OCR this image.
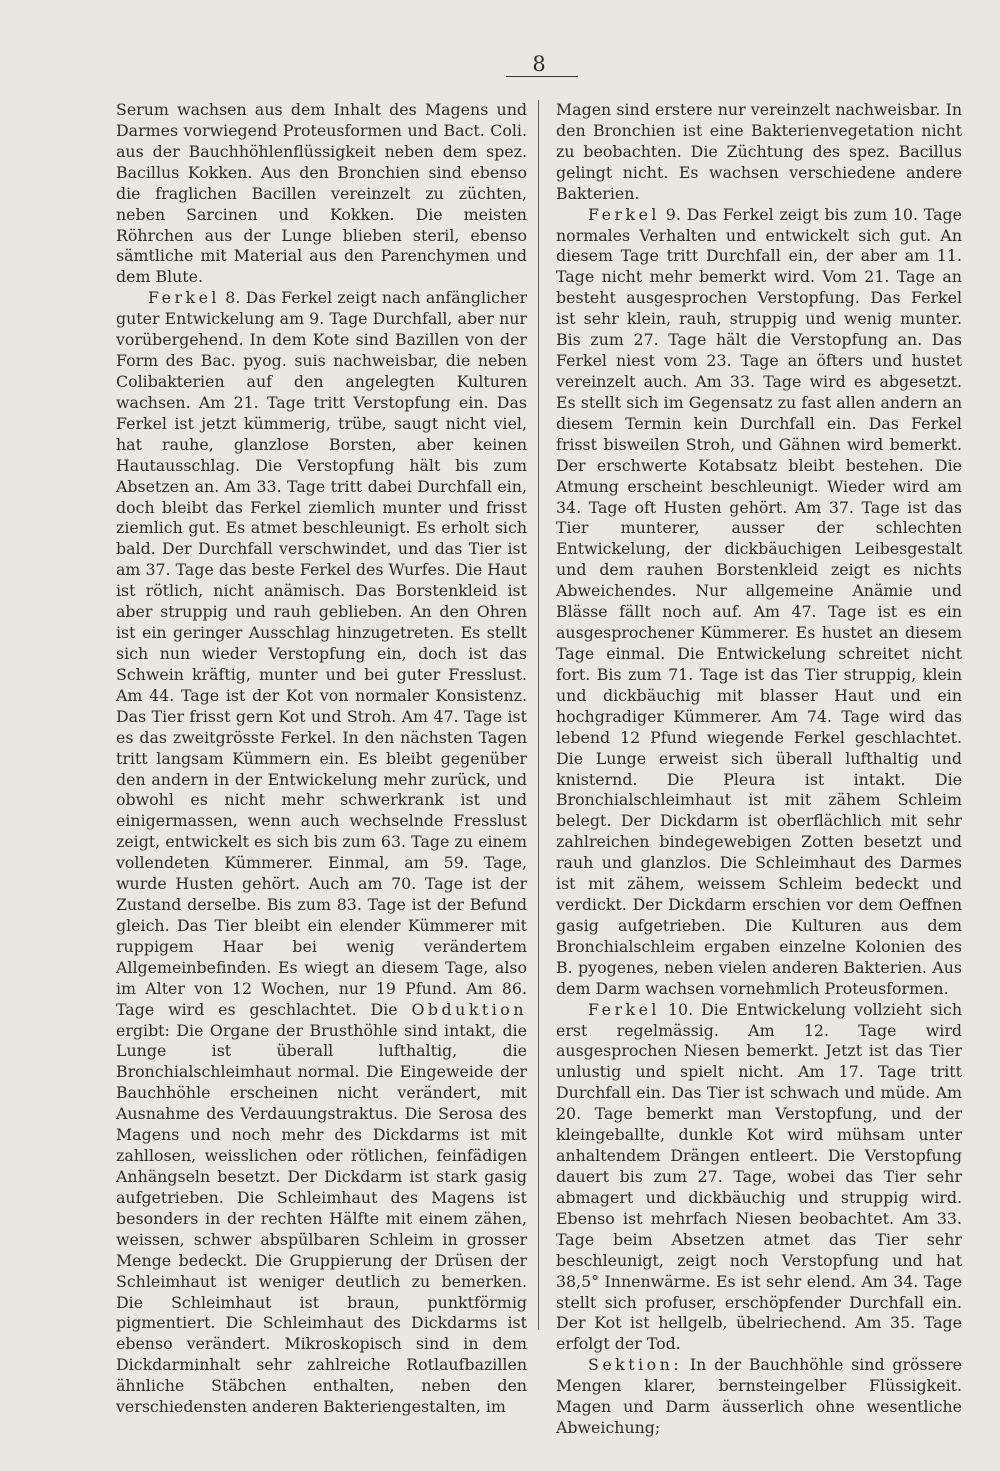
8

Serum wachsen aus dem Inhalt des Magens und Darmes vorwiegend Proteusformen und Bact. Coli. aus der Bauchhöhlenflüssigkeit neben dem spez. Bacillus Kokken. Aus den Bronchien sind ebenso die fraglichen Bacillen vereinzelt zu züchten, neben Sarcinen und Kokken. Die meisten Röhrchen aus der Lunge blieben steril, ebenso sämtliche mit Material aus den Parenchymen und dem Blute.

Ferkel 8. Das Ferkel zeigt nach anfänglicher guter Entwickelung am 9. Tage Durchfall, aber nur vorübergehend. In dem Kote sind Bazillen von der Form des Bac. pyog. suis nachweisbar, die neben Colibakterien auf den angelegten Kulturen wachsen. Am 21. Tage tritt Verstopfung ein. Das Ferkel ist jetzt kümmerig, trübe, saugt nicht viel, hat rauhe, glanzlose Borsten, aber keinen Hautausschlag. Die Verstopfung hält bis zum Absetzen an. Am 33. Tage tritt dabei Durchfall ein, doch bleibt das Ferkel ziemlich munter und frisst ziemlich gut. Es atmet beschleunigt. Es erholt sich bald. Der Durchfall verschwindet, und das Tier ist am 37. Tage das beste Ferkel des Wurfes. Die Haut ist rötlich, nicht anämisch. Das Borstenkleid ist aber struppig und rauh geblieben. An den Ohren ist ein geringer Ausschlag hinzugetreten. Es stellt sich nun wieder Verstopfung ein, doch ist das Schwein kräftig, munter und bei guter Fresslust. Am 44. Tage ist der Kot von normaler Konsistenz. Das Tier frisst gern Kot und Stroh. Am 47. Tage ist es das zweitgrösste Ferkel. In den nächsten Tagen tritt langsam Kümmern ein. Es bleibt gegenüber den andern in der Entwickelung mehr zurück, und obwohl es nicht mehr schwerkrank ist und einigermassen, wenn auch wechselnde Fresslust zeigt, entwickelt es sich bis zum 63. Tage zu einem vollendeten Kümmerer. Einmal, am 59. Tage, wurde Husten gehört. Auch am 70. Tage ist der Zustand derselbe. Bis zum 83. Tage ist der Befund gleich. Das Tier bleibt ein elender Kümmerer mit ruppigem Haar bei wenig verändertem Allgemeinbefinden. Es wiegt an diesem Tage, also im Alter von 12 Wochen, nur 19 Pfund. Am 86. Tage wird es geschlachtet. Die Obduktion ergibt: Die Organe der Brusthöhle sind intakt, die Lunge ist überall lufthaltig, die Bronchialschleimhaut normal. Die Eingeweide der Bauchhöhle erscheinen nicht verändert, mit Ausnahme des Verdauungstraktus. Die Serosa des Magens und noch mehr des Dickdarms ist mit zahllosen, weisslichen oder rötlichen, feinfädigen Anhängseln besetzt. Der Dickdarm ist stark gasig aufgetrieben. Die Schleimhaut des Magens ist besonders in der rechten Hälfte mit einem zähen, weissen, schwer abspülbaren Schleim in grosser Menge bedeckt. Die Gruppierung der Drüsen der Schleimhaut ist weniger deutlich zu bemerken. Die Schleimhaut ist braun, punktförmig pigmentiert. Die Schleimhaut des Dickdarms ist ebenso verändert. Mikroskopisch sind in dem Dickdarminhalt sehr zahlreiche Rotlaufbazillen ähnliche Stäbchen enthalten, neben den verschiedensten anderen Bakteriengestalten, im

Magen sind erstere nur vereinzelt nachweisbar. In den Bronchien ist eine Bakterienvegetation nicht zu beobachten. Die Züchtung des spez. Bacillus gelingt nicht. Es wachsen verschiedene andere Bakterien.

Ferkel 9. Das Ferkel zeigt bis zum 10. Tage normales Verhalten und entwickelt sich gut. An diesem Tage tritt Durchfall ein, der aber am 11. Tage nicht mehr bemerkt wird. Vom 21. Tage an besteht ausgesprochen Verstopfung. Das Ferkel ist sehr klein, rauh, struppig und wenig munter. Bis zum 27. Tage hält die Verstopfung an. Das Ferkel niest vom 23. Tage an öfters und hustet vereinzelt auch. Am 33. Tage wird es abgesetzt. Es stellt sich im Gegensatz zu fast allen andern an diesem Termin kein Durchfall ein. Das Ferkel frisst bisweilen Stroh, und Gähnen wird bemerkt. Der erschwerte Kotabsatz bleibt bestehen. Die Atmung erscheint beschleunigt. Wieder wird am 34. Tage oft Husten gehört. Am 37. Tage ist das Tier munterer, ausser der schlechten Entwickelung, der dickbäuchigen Leibesgestalt und dem rauhen Borstenkleid zeigt es nichts Abweichendes. Nur allgemeine Anämie und Blässe fällt noch auf. Am 47. Tage ist es ein ausgesprochener Kümmerer. Es hustet an diesem Tage einmal. Die Entwickelung schreitet nicht fort. Bis zum 71. Tage ist das Tier struppig, klein und dickbäuchig mit blasser Haut und ein hochgradiger Kümmerer. Am 74. Tage wird das lebend 12 Pfund wiegende Ferkel geschlachtet. Die Lunge erweist sich überall lufthaltig und knisternd. Die Pleura ist intakt. Die Bronchialschleimhaut ist mit zähem Schleim belegt. Der Dickdarm ist oberflächlich mit sehr zahlreichen bindegewebigen Zotten besetzt und rauh und glanzlos. Die Schleimhaut des Darmes ist mit zähem, weissem Schleim bedeckt und verdickt. Der Dickdarm erschien vor dem Oeffnen gasig aufgetrieben. Die Kulturen aus dem Bronchialschleim ergaben einzelne Kolonien des B. pyogenes, neben vielen anderen Bakterien. Aus dem Darm wachsen vornehmlich Proteusformen.

Ferkel 10. Die Entwickelung vollzieht sich erst regelmässig. Am 12. Tage wird ausgesprochen Niesen bemerkt. Jetzt ist das Tier unlustig und spielt nicht. Am 17. Tage tritt Durchfall ein. Das Tier ist schwach und müde. Am 20. Tage bemerkt man Verstopfung, und der kleingeballte, dunkle Kot wird mühsam unter anhaltendem Drängen entleert. Die Verstopfung dauert bis zum 27. Tage, wobei das Tier sehr abmagert und dickbäuchig und struppig wird. Ebenso ist mehrfach Niesen beobachtet. Am 33. Tage beim Absetzen atmet das Tier sehr beschleunigt, zeigt noch Verstopfung und hat 38,5° Innenwärme. Es ist sehr elend. Am 34. Tage stellt sich profuser, erschöpfender Durchfall ein. Der Kot ist hellgelb, übelriechend. Am 35. Tage erfolgt der Tod.

Sektion: In der Bauchhöhle sind grössere Mengen klarer, bernsteingelber Flüssigkeit. Magen und Darm äusserlich ohne wesentliche Abweichung;
